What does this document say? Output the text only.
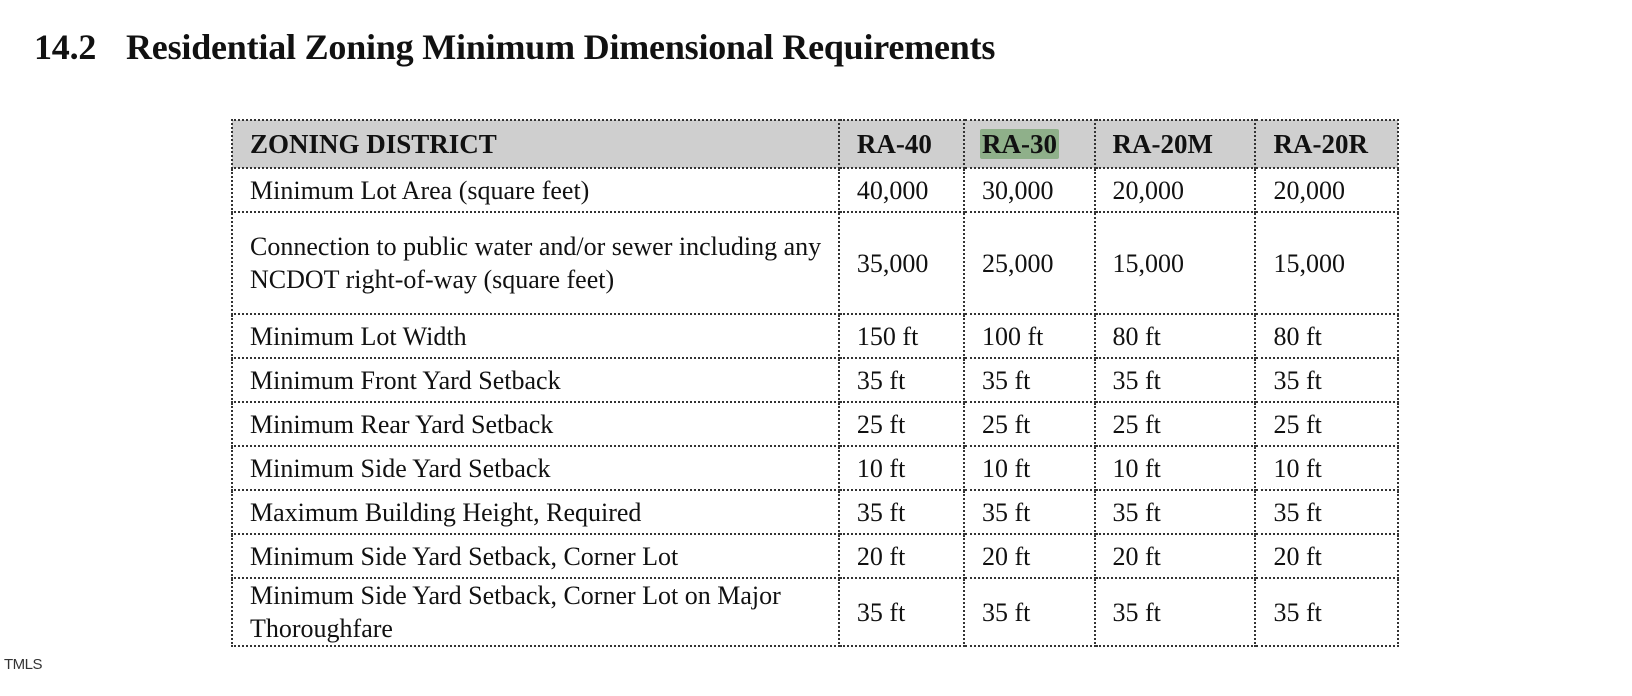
14.2 Residential Zoning Minimum Dimensional Requirements
ZONING DISTRICT	RA-40	RA-30	RA-20M	RA-20R
Minimum Lot Area (square feet)	40,000	30,000	20,000	20,000
Connection to public water and/or sewer including any NCDOT right-of-way (square feet)	35,000	25,000	15,000	15,000
Minimum Lot Width	150 ft	100 ft	80 ft	80 ft
Minimum Front Yard Setback	35 ft	35 ft	35 ft	35 ft
Minimum Rear Yard Setback	25 ft	25 ft	25 ft	25 ft
Minimum Side Yard Setback	10 ft	10 ft	10 ft	10 ft
Maximum Building Height, Required	35 ft	35 ft	35 ft	35 ft
Minimum Side Yard Setback, Corner Lot	20 ft	20 ft	20 ft	20 ft
Minimum Side Yard Setback, Corner Lot on Major Thoroughfare	35 ft	35 ft	35 ft	35 ft
TMLS
